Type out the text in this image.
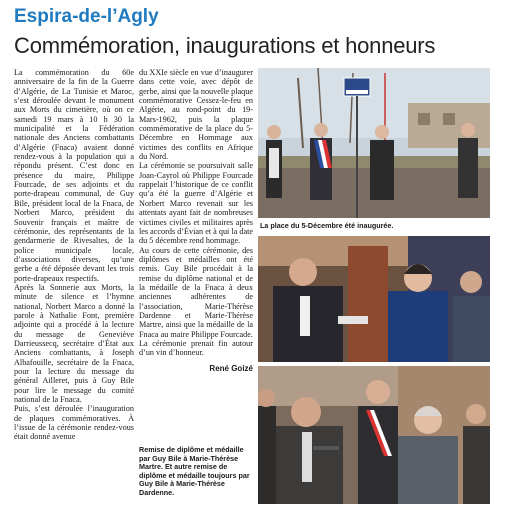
Espira-de-l’Agly
Commémoration, inaugurations et honneurs

La commémoration du 60e anniversaire de la fin de la Guerre d’Algérie, de La Tunisie et Maroc, s’est déroulée devant le monument aux Morts du cimetière, où on ce samedi 19 mars à 10 h 30 la municipalité et la Fédération nationale des Anciens combattants d’Algérie (Fnaca) avaient donné rendez-vous à la population qui a répondu présent. C’est donc en présence du maire, Philippe Fourcade, de ses adjoints et du porte-drapeau communal, de Guy Bile, président local de la Fnaca, de Norbert Marco, président du Souvenir français et maître de cérémonie, des représentants de la gendarmerie de Rivesaltes, de la police municipale locale, d’associations diverses, qu’une gerbe a été déposée devant les trois porte-drapeaux respectifs.

Après la Sonnerie aux Morts, la minute de silence et l’hymne national, Norbert Marco a donné la parole à Nathalie Font, première adjointe qui a procédé à la lecture du message de Geneviève Darrieussecq, secrétaire d’État aux Anciens combattants, à Joseph Albafouille, secrétaire de la Fnaca, pour la lecture du message du général Ailleret, puis à Guy Bile pour lire le message du comité national de la Fnaca.

Puis, s’est déroulée l’inauguration de plaques commémoratives. À l’issue de la cérémonie rendez-vous était donné avenue

du XXIe siècle en vue d’inaugurer dans cette voie, avec dépôt de gerbe, ainsi que la nouvelle plaque commémorative Cessez-le-feu en Algérie, au rond-point du 19-Mars-1962, puis la plaque commémorative de la place du 5-Décembre en Hommage aux victimes des conflits en Afrique du Nord.

La cérémonie se poursuivait salle Joan-Cayrol où Philippe Fourcade rappelait l’historique de ce conflit qu’a été la guerre d’Algérie et Norbert Marco revenait sur les attentats ayant fait de nombreuses victimes civiles et militaires après les accords d’Évian et à qui la date du 5 décembre rend hommage.

Au cours de cette cérémonie, des diplômes et médailles ont été remis. Guy Bile procédait à la remise du diplôme national et de la médaille de la Fnaca à deux anciennes adhérentes de l’association, Marie-Thérèse Dardenne et Marie-Thérèse Martre, ainsi que la médaille de la Fnaca au maire Philippe Fourcade.

La cérémonie prenait fin autour d’un vin d’honneur.

René Goizé

La place du 5-Décembre été inaugurée.
Remise de diplôme et médaille par Guy Bile à Marie-Thérèse Martre. Et autre remise de diplôme et médaille toujours par Guy Bile à Marie-Thérèse Dardenne.
